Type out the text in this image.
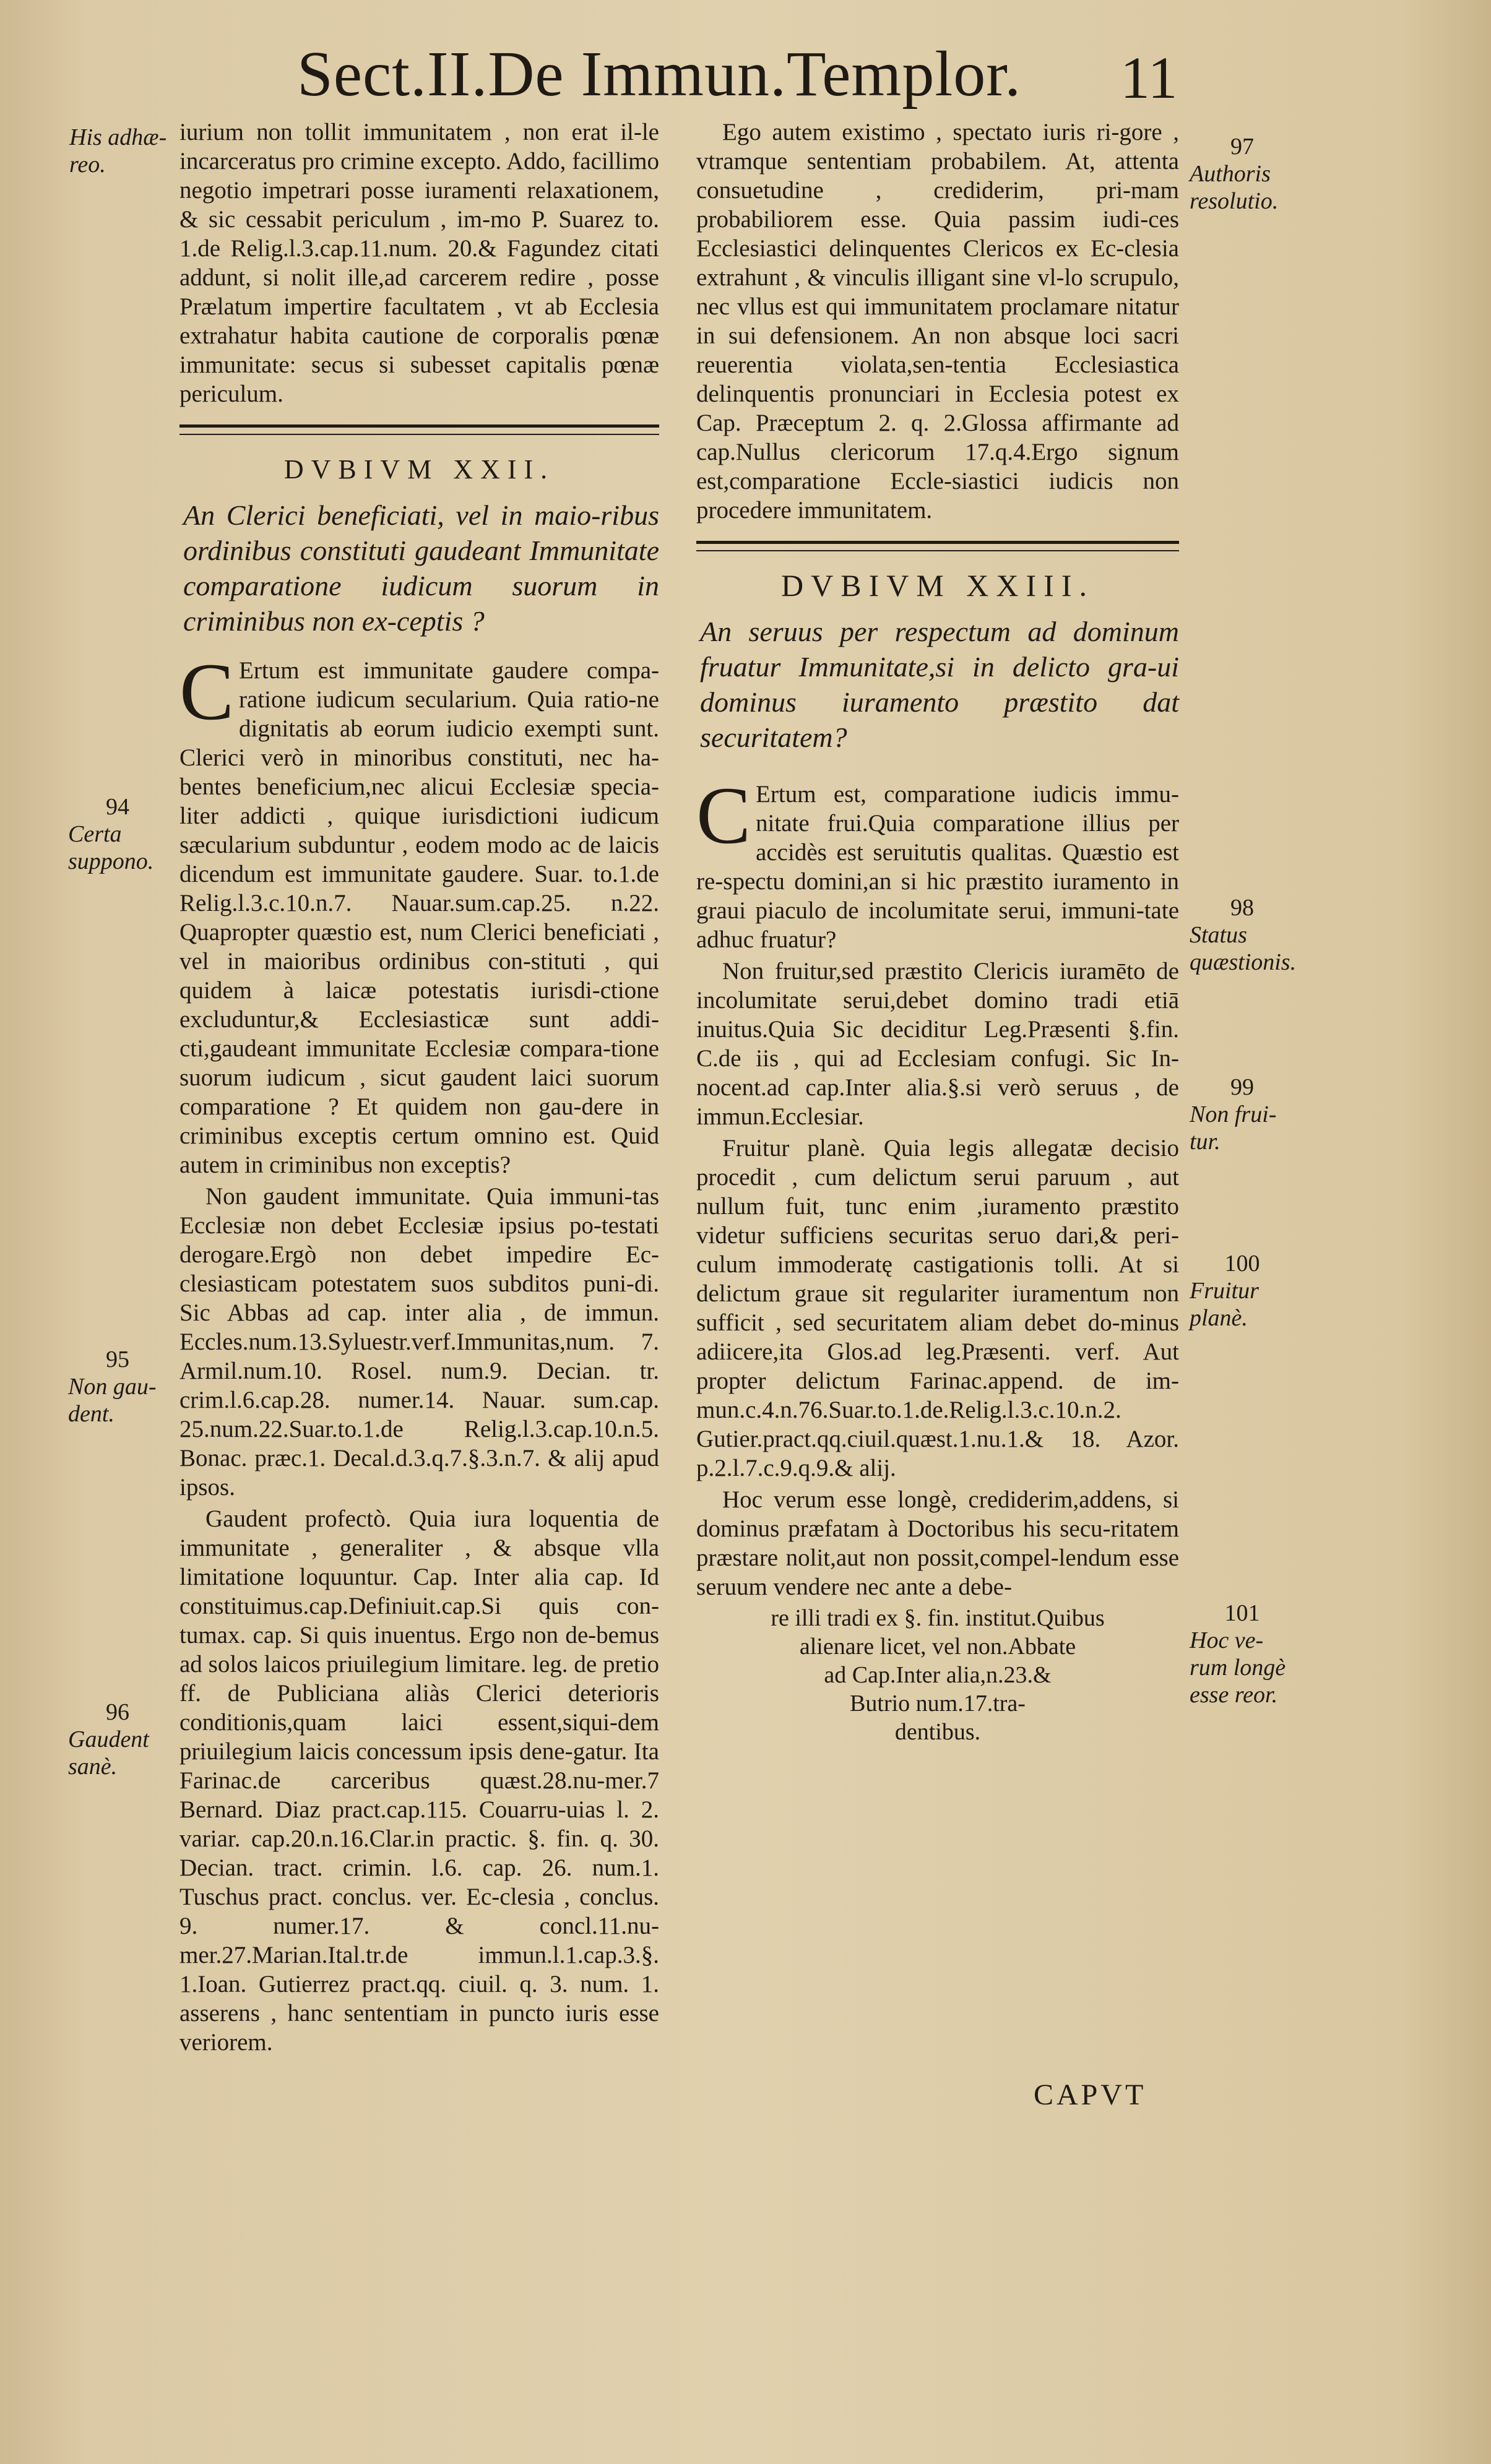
Sect.II.De Immun.Templor. 11
His adhæ-reo.
94
Certa suppono.
95
Non gau-dent.
96
Gaudent sanè.
97
Authoris resolutio.
98
Status quæstionis.
99
Non frui-tur.
100
Fruitur planè.
101
Hoc ve-rum longè esse reor.

iurium non tollit immunitatem , non erat il-le incarceratus pro crimine excepto. Addo, facillimo negotio impetrari posse iuramenti relaxationem, & sic cessabit periculum , im-mo P. Suarez to. 1.de Relig.l.3.cap.11.num. 20.& Fagundez citati addunt, si nolit ille,ad carcerem redire , posse Prælatum impertire facultatem , vt ab Ecclesia extrahatur habita cautione de corporalis pœnæ immunitate: secus si subesset capitalis pœnæ periculum.

DVBIVM XXII.
An Clerici beneficiati, vel in maio-ribus ordinibus constituti gaudeant Immunitate comparatione iudicum suorum in criminibus non ex-ceptis ?

C Ertum est immunitate gaudere compa-ratione iudicum secularium. Quia ratio-ne dignitatis ab eorum iudicio exempti sunt. Clerici verò in minoribus constituti, nec ha-bentes beneficium,nec alicui Ecclesiæ specia-liter addicti , quique iurisdictioni iudicum sæcularium subduntur , eodem modo ac de laicis dicendum est immunitate gaudere. Suar. to.1.de Relig.l.3.c.10.n.7. Nauar.sum.cap.25. n.22. Quapropter quæstio est, num Clerici beneficiati , vel in maioribus ordinibus con-stituti , qui quidem à laicæ potestatis iurisdi-ctione excluduntur,& Ecclesiasticæ sunt addi-cti,gaudeant immunitate Ecclesiæ compara-tione suorum iudicum , sicut gaudent laici suorum comparatione ? Et quidem non gau-dere in criminibus exceptis certum omnino est. Quid autem in criminibus non exceptis?

Non gaudent immunitate. Quia immuni-tas Ecclesiæ non debet Ecclesiæ ipsius po-testati derogare.Ergò non debet impedire Ec-clesiasticam potestatem suos subditos puni-di. Sic Abbas ad cap. inter alia , de immun. Eccles.num.13.Syluestr.verf.Immunitas,num. 7. Armil.num.10. Rosel. num.9. Decian. tr. crim.l.6.cap.28. numer.14. Nauar. sum.cap. 25.num.22.Suar.to.1.de Relig.l.3.cap.10.n.5. Bonac. præc.1. Decal.d.3.q.7.§.3.n.7. & alij apud ipsos.

Gaudent profectò. Quia iura loquentia de immunitate , generaliter , & absque vlla limitatione loquuntur. Cap. Inter alia cap. Id constituimus.cap.Definiuit.cap.Si quis con-tumax. cap. Si quis inuentus. Ergo non de-bemus ad solos laicos priuilegium limitare. leg. de pretio ff. de Publiciana aliàs Clerici deterioris conditionis,quam laici essent,siqui-dem priuilegium laicis concessum ipsis dene-gatur. Ita Farinac.de carceribus quæst.28.nu-mer.7 Bernard. Diaz pract.cap.115. Couarru-uias l. 2. variar. cap.20.n.16.Clar.in practic. §. fin. q. 30. Decian. tract. crimin. l.6. cap. 26. num.1. Tuschus pract. conclus. ver. Ec-clesia , conclus. 9. numer.17. & concl.11.nu-mer.27.Marian.Ital.tr.de immun.l.1.cap.3.§. 1.Ioan. Gutierrez pract.qq. ciuil. q. 3. num. 1. asserens , hanc sententiam in puncto iuris esse veriorem.

Ego autem existimo , spectato iuris ri-gore , vtramque sententiam probabilem. At, attenta consuetudine , crediderim, pri-mam probabiliorem esse. Quia passim iudi-ces Ecclesiastici delinquentes Clericos ex Ec-clesia extrahunt , & vinculis illigant sine vl-lo scrupulo, nec vllus est qui immunitatem proclamare nitatur in sui defensionem. An non absque loci sacri reuerentia violata,sen-tentia Ecclesiastica delinquentis pronunciari in Ecclesia potest ex Cap. Præceptum 2. q. 2.Glossa affirmante ad cap.Nullus clericorum 17.q.4.Ergo signum est,comparatione Eccle-siastici iudicis non procedere immunitatem.

DVBIVM XXIII.
An seruus per respectum ad dominum fruatur Immunitate,si in delicto gra-ui dominus iuramento præstito dat securitatem?

C Ertum est, comparatione iudicis immu-nitate frui.Quia comparatione illius per accidès est seruitutis qualitas. Quæstio est re-spectu domini,an si hic præstito iuramento in graui piaculo de incolumitate serui, immuni-tate adhuc fruatur?

Non fruitur,sed præstito Clericis iuramēto de incolumitate serui,debet domino tradi etiā inuitus.Quia Sic deciditur Leg.Præsenti §.fin. C.de iis , qui ad Ecclesiam confugi. Sic In-nocent.ad cap.Inter alia.§.si verò seruus , de immun.Ecclesiar.

Fruitur planè. Quia legis allegatæ decisio procedit , cum delictum serui paruum , aut nullum fuit, tunc enim ,iuramento præstito videtur sufficiens securitas seruo dari,& peri-culum immoderatę castigationis tolli. At si delictum graue sit regulariter iuramentum non sufficit , sed securitatem aliam debet do-minus adiicere,ita Glos.ad leg.Præsenti. verf. Aut propter delictum Farinac.append. de im-mun.c.4.n.76.Suar.to.1.de.Relig.l.3.c.10.n.2. Gutier.pract.qq.ciuil.quæst.1.nu.1.& 18. Azor. p.2.l.7.c.9.q.9.& alij.

Hoc verum esse longè, crediderim,addens, si dominus præfatam à Doctoribus his secu-ritatem præstare nolit,aut non possit,compel-lendum esse seruum vendere nec ante a debe-

re illi tradi ex §. fin. institut.Quibus
alienare licet, vel non.Abbate
ad Cap.Inter alia,n.23.&
Butrio num.17.tra-
dentibus.
CAPVT
